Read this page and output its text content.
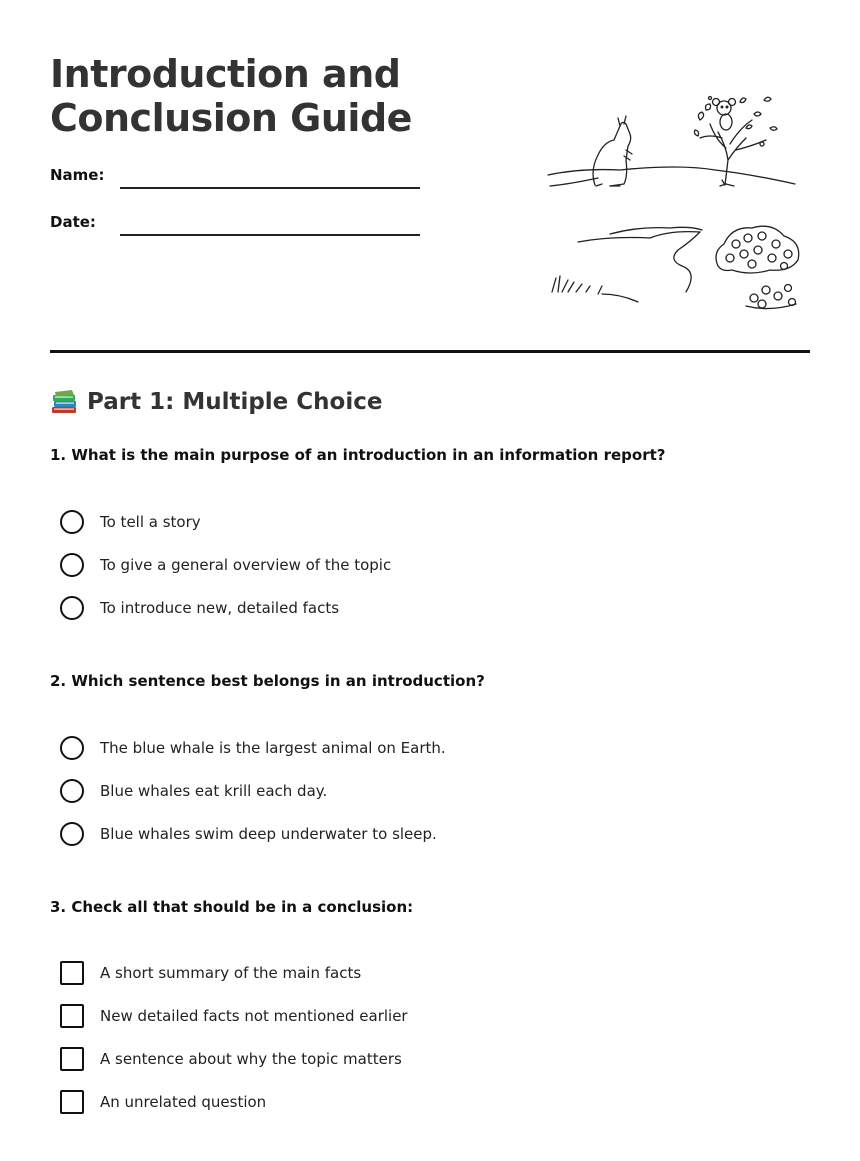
Introduction and
Conclusion Guide
Name:
Date:
Part 1: Multiple Choice
1. What is the main purpose of an introduction in an information report?
To tell a story
To give a general overview of the topic
To introduce new, detailed facts
2. Which sentence best belongs in an introduction?
The blue whale is the largest animal on Earth.
Blue whales eat krill each day.
Blue whales swim deep underwater to sleep.
3. Check all that should be in a conclusion:
A short summary of the main facts
New detailed facts not mentioned earlier
A sentence about why the topic matters
An unrelated question
